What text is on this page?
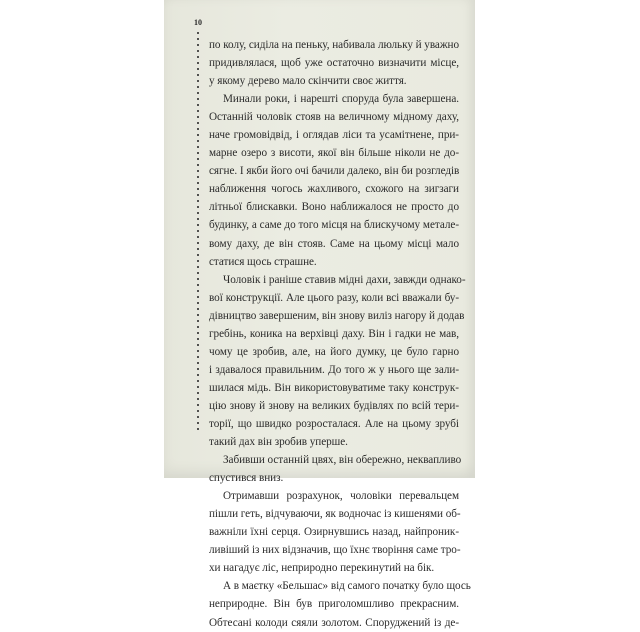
10
по колу, сиділа на пеньку, набивала люльку й уважно
придивлялася, щоб уже остаточно визначити місце,
у якому дерево мало скінчити своє життя.
Минали роки, і нарешті споруда була завершена.
Останній чоловік стояв на величному мідному даху,
наче громовідвід, і оглядав ліси та усамітнене, при-
марне озеро з висоти, якої він більше ніколи не до-
сягне. І якби його очі бачили далеко, він би розгледів
наближення чогось жахливого, схожого на зигзаги
літньої блискавки. Воно наближалося не просто до
будинку, а саме до того місця на блискучому метале-
вому даху, де він стояв. Саме на цьому місці мало
статися щось страшне.
Чоловік і раніше ставив мідні дахи, завжди однако-
вої конструкції. Але цього разу, коли всі вважали бу-
дівництво завершеним, він знову виліз нагору й додав
гребінь, коника на верхівці даху. Він і гадки не мав,
чому це зробив, але, на його думку, це було гарно
і здавалося правильним. До того ж у нього ще зали-
шилася мідь. Він використовуватиме таку конструк-
цію знову й знову на великих будівлях по всій тери-
торії, що швидко розросталася. Але на цьому зрубі
такий дах він зробив уперше.
Забивши останній цвях, він обережно, неквапливо
спустився вниз.
Отримавши розрахунок, чоловіки перевальцем
пішли геть, відчуваючи, як водночас із кишенями об-
важніли їхні серця. Озирнувшись назад, найпроник-
ливіший із них відзначив, що їхнє творіння саме тро-
хи нагадує ліс, неприродно перекинутий на бік.
А в маєтку «Бельшас» від самого початку було щось
неприродне. Він був приголомшливо прекрасним.
Обтесані колоди сяяли золотом. Споруджений із де-
